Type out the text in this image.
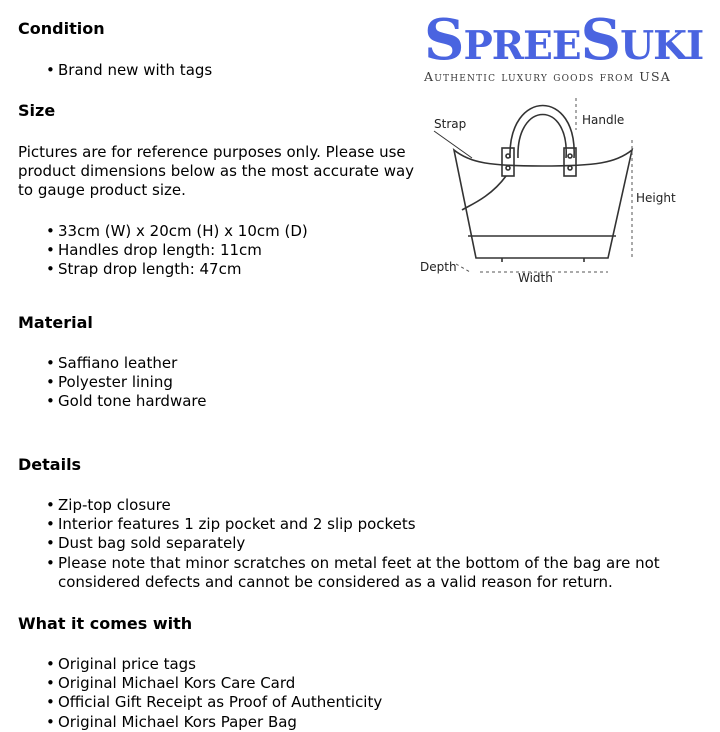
SpreeSuki
Authentic luxury goods from USA
Strap	Handle
Height
Depth
Width
Condition
• Brand new with tags
Size

Pictures are for reference purposes only. Please use product dimensions below as the most accurate way to gauge product size.

• 33cm (W) x 20cm (H) x 10cm (D)
• Handles drop length: 11cm
• Strap drop length: 47cm
Material
• Saffiano leather
• Polyester lining
• Gold tone hardware
Details
• Zip-top closure
• Interior features 1 zip pocket and 2 slip pockets
• Dust bag sold separately
• Please note that minor scratches on metal feet at the bottom of the bag are not considered defects and cannot be considered as a valid reason for return.
What it comes with
• Original price tags
• Original Michael Kors Care Card
• Official Gift Receipt as Proof of Authenticity
• Original Michael Kors Paper Bag
